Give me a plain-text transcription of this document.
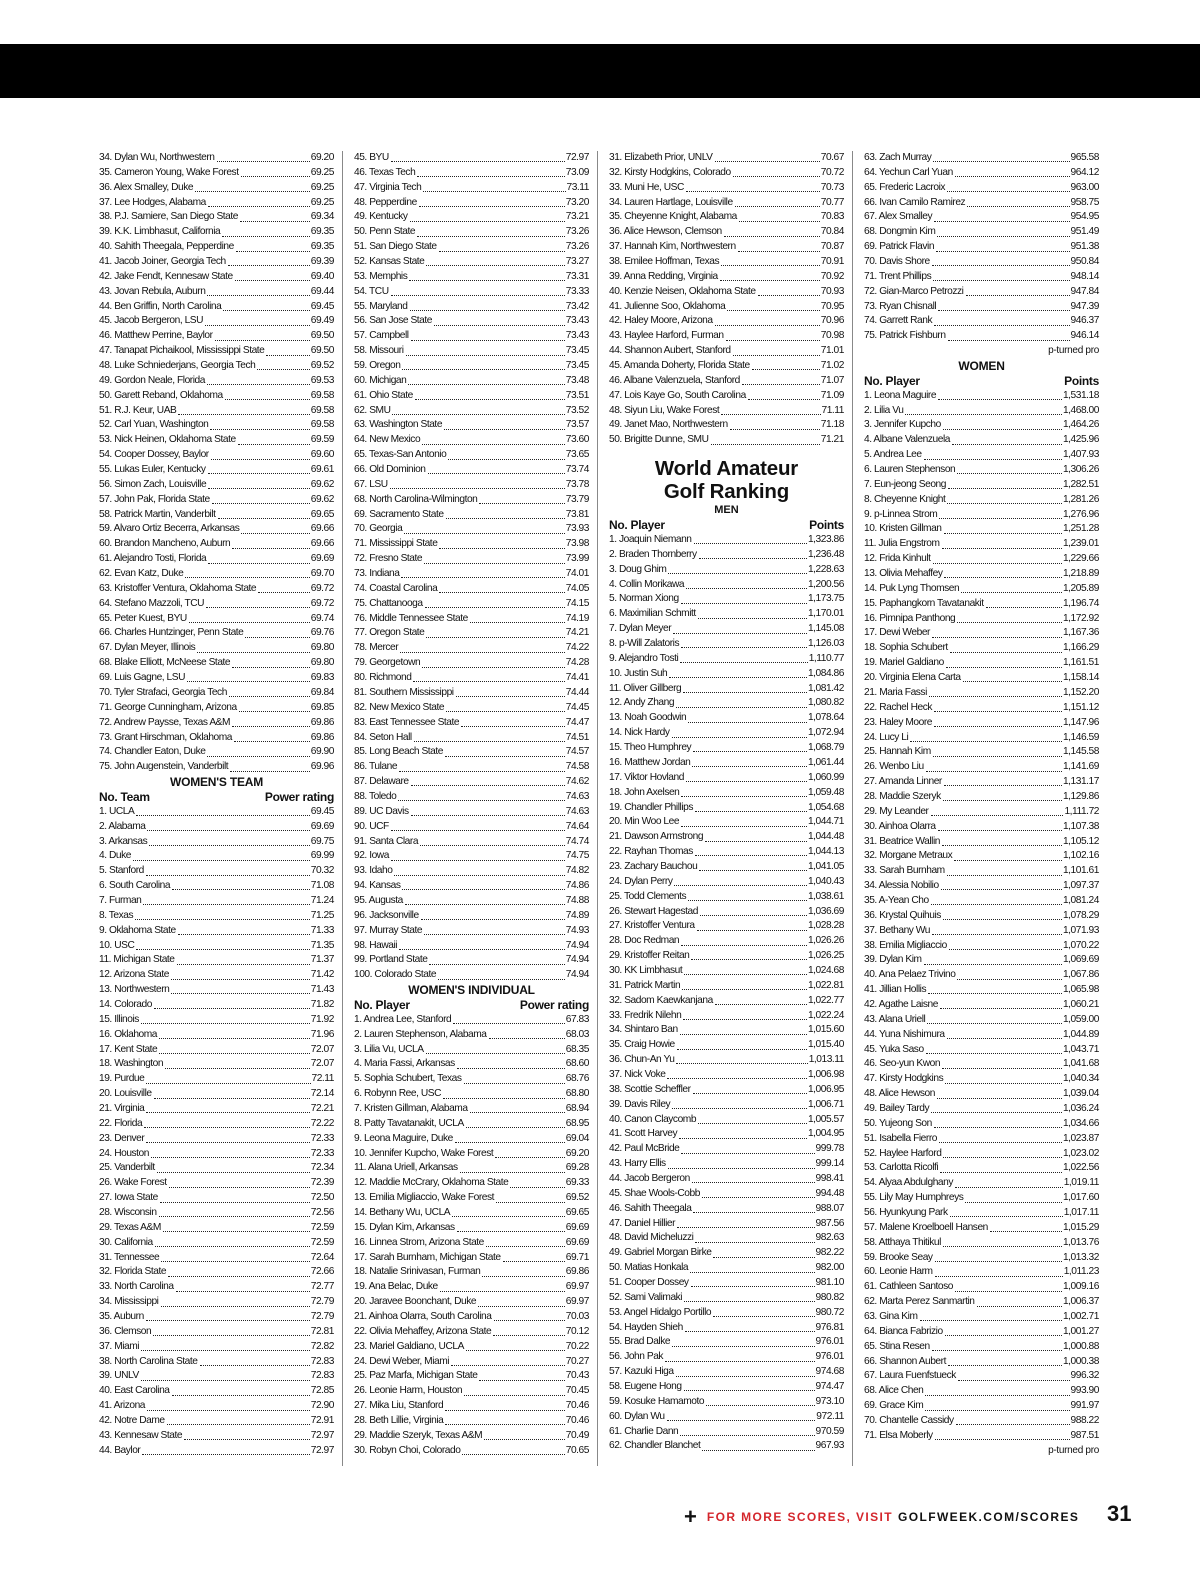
34. Dylan Wu, Northwestern	69.20
35. Cameron Young, Wake Forest	69.25
36. Alex Smalley, Duke	69.25
37. Lee Hodges, Alabama	69.25
38. P.J. Samiere, San Diego State	69.34
39. K.K. Limbhasut, California	69.35
40. Sahith Theegala, Pepperdine	69.35
41. Jacob Joiner, Georgia Tech	69.39
42. Jake Fendt, Kennesaw State	69.40
43. Jovan Rebula, Auburn	69.44
44. Ben Griffin, North Carolina	69.45
45. Jacob Bergeron, LSU	69.49
46. Matthew Perrine, Baylor	69.50
47. Tanapat Pichaikool, Mississippi State	69.50
48. Luke Schniederjans, Georgia Tech	69.52
49. Gordon Neale, Florida	69.53
50. Garett Reband, Oklahoma	69.58
51. R.J. Keur, UAB	69.58
52. Carl Yuan, Washington	69.58
53. Nick Heinen, Oklahoma State	69.59
54. Cooper Dossey, Baylor	69.60
55. Lukas Euler, Kentucky	69.61
56. Simon Zach, Louisville	69.62
57. John Pak, Florida State	69.62
58. Patrick Martin, Vanderbilt	69.65
59. Alvaro Ortiz Becerra, Arkansas	69.66
60. Brandon Mancheno, Auburn	69.66
61. Alejandro Tosti, Florida	69.69
62. Evan Katz, Duke	69.70
63. Kristoffer Ventura, Oklahoma State	69.72
64. Stefano Mazzoli, TCU	69.72
65. Peter Kuest, BYU	69.74
66. Charles Huntzinger, Penn State	69.76
67. Dylan Meyer, Illinois	69.80
68. Blake Elliott, McNeese State	69.80
69. Luis Gagne, LSU	69.83
70. Tyler Strafaci, Georgia Tech	69.84
71. George Cunningham, Arizona	69.85
72. Andrew Paysse, Texas A&M	69.86
73. Grant Hirschman, Oklahoma	69.86
74. Chandler Eaton, Duke	69.90
75. John Augenstein, Vanderbilt	69.96
WOMEN'S TEAM
No. Team	Power rating
1. UCLA	69.45
2. Alabama	69.69
3. Arkansas	69.75
4. Duke	69.99
5. Stanford	70.32
6. South Carolina	71.08
7. Furman	71.24
8. Texas	71.25
9. Oklahoma State	71.33
10. USC	71.35
11. Michigan State	71.37
12. Arizona State	71.42
13. Northwestern	71.43
14. Colorado	71.82
15. Illinois	71.92
16. Oklahoma	71.96
17. Kent State	72.07
18. Washington	72.07
19. Purdue	72.11
20. Louisville	72.14
21. Virginia	72.21
22. Florida	72.22
23. Denver	72.33
24. Houston	72.33
25. Vanderbilt	72.34
26. Wake Forest	72.39
27. Iowa State	72.50
28. Wisconsin	72.56
29. Texas A&M	72.59
30. California	72.59
31. Tennessee	72.64
32. Florida State	72.66
33. North Carolina	72.77
34. Mississippi	72.79
35. Auburn	72.79
36. Clemson	72.81
37. Miami	72.82
38. North Carolina State	72.83
39. UNLV	72.83
40. East Carolina	72.85
41. Arizona	72.90
42. Notre Dame	72.91
43. Kennesaw State	72.97
44. Baylor	72.97
45. BYU	72.97
46. Texas Tech	73.09
47. Virginia Tech	73.11
48. Pepperdine	73.20
49. Kentucky	73.21
50. Penn State	73.26
51. San Diego State	73.26
52. Kansas State	73.27
53. Memphis	73.31
54. TCU	73.33
55. Maryland	73.42
56. San Jose State	73.43
57. Campbell	73.43
58. Missouri	73.45
59. Oregon	73.45
60. Michigan	73.48
61. Ohio State	73.51
62. SMU	73.52
63. Washington State	73.57
64. New Mexico	73.60
65. Texas-San Antonio	73.65
66. Old Dominion	73.74
67. LSU	73.78
68. North Carolina-Wilmington	73.79
69. Sacramento State	73.81
70. Georgia	73.93
71. Mississippi State	73.98
72. Fresno State	73.99
73. Indiana	74.01
74. Coastal Carolina	74.05
75. Chattanooga	74.15
76. Middle Tennessee State	74.19
77. Oregon State	74.21
78. Mercer	74.22
79. Georgetown	74.28
80. Richmond	74.41
81. Southern Mississippi	74.44
82. New Mexico State	74.45
83. East Tennessee State	74.47
84. Seton Hall	74.51
85. Long Beach State	74.57
86. Tulane	74.58
87. Delaware	74.62
88. Toledo	74.63
89. UC Davis	74.63
90. UCF	74.64
91. Santa Clara	74.74
92. Iowa	74.75
93. Idaho	74.82
94. Kansas	74.86
95. Augusta	74.88
96. Jacksonville	74.89
97. Murray State	74.93
98. Hawaii	74.94
99. Portland State	74.94
100. Colorado State	74.94
WOMEN'S INDIVIDUAL
No. Player	Power rating
1. Andrea Lee, Stanford	67.83
2. Lauren Stephenson, Alabama	68.03
3. Lilia Vu, UCLA	68.35
4. Maria Fassi, Arkansas	68.60
5. Sophia Schubert, Texas	68.76
6. Robynn Ree, USC	68.80
7. Kristen Gillman, Alabama	68.94
8. Patty Tavatanakit, UCLA	68.95
9. Leona Maguire, Duke	69.04
10. Jennifer Kupcho, Wake Forest	69.20
11. Alana Uriell, Arkansas	69.28
12. Maddie McCrary, Oklahoma State	69.33
13. Emilia Migliaccio, Wake Forest	69.52
14. Bethany Wu, UCLA	69.65
15. Dylan Kim, Arkansas	69.69
16. Linnea Strom, Arizona State	69.69
17. Sarah Burnham, Michigan State	69.71
18. Natalie Srinivasan, Furman	69.86
19. Ana Belac, Duke	69.97
20. Jaravee Boonchant, Duke	69.97
21. Ainhoa Olarra, South Carolina	70.03
22. Olivia Mehaffey, Arizona State	70.12
23. Mariel Galdiano, UCLA	70.22
24. Dewi Weber, Miami	70.27
25. Paz Marfa, Michigan State	70.43
26. Leonie Harm, Houston	70.45
27. Mika Liu, Stanford	70.46
28. Beth Lillie, Virginia	70.46
29. Maddie Szeryk, Texas A&M	70.49
30. Robyn Choi, Colorado	70.65
31. Elizabeth Prior, UNLV	70.67
32. Kirsty Hodgkins, Colorado	70.72
33. Muni He, USC	70.73
34. Lauren Hartlage, Louisville	70.77
35. Cheyenne Knight, Alabama	70.83
36. Alice Hewson, Clemson	70.84
37. Hannah Kim, Northwestern	70.87
38. Emilee Hoffman, Texas	70.91
39. Anna Redding, Virginia	70.92
40. Kenzie Neisen, Oklahoma State	70.93
41. Julienne Soo, Oklahoma	70.95
42. Haley Moore, Arizona	70.96
43. Haylee Harford, Furman	70.98
44. Shannon Aubert, Stanford	71.01
45. Amanda Doherty, Florida State	71.02
46. Albane Valenzuela, Stanford	71.07
47. Lois Kaye Go, South Carolina	71.09
48. Siyun Liu, Wake Forest	71.11
49. Janet Mao, Northwestern	71.18
50. Brigitte Dunne, SMU	71.21
World Amateur
Golf Ranking
MEN
No. Player	Points
1. Joaquin Niemann	1,323.86
2. Braden Thornberry	1,236.48
3. Doug Ghim	1,228.63
4. Collin Morikawa	1,200.56
5. Norman Xiong	1,173.75
6. Maximilian Schmitt	1,170.01
7. Dylan Meyer	1,145.08
8. p-Will Zalatoris	1,126.03
9. Alejandro Tosti	1,110.77
10. Justin Suh	1,084.86
11. Oliver Gillberg	1,081.42
12. Andy Zhang	1,080.82
13. Noah Goodwin	1,078.64
14. Nick Hardy	1,072.94
15. Theo Humphrey	1,068.79
16. Matthew Jordan	1,061.44
17. Viktor Hovland	1,060.99
18. John Axelsen	1,059.48
19. Chandler Phillips	1,054.68
20. Min Woo Lee	1,044.71
21. Dawson Armstrong	1,044.48
22. Rayhan Thomas	1,044.13
23. Zachary Bauchou	1,041.05
24. Dylan Perry	1,040.43
25. Todd Clements	1,038.61
26. Stewart Hagestad	1,036.69
27. Kristoffer Ventura	1,028.28
28. Doc Redman	1,026.26
29. Kristoffer Reitan	1,026.25
30. KK Limbhasut	1,024.68
31. Patrick Martin	1,022.81
32. Sadom Kaewkanjana	1,022.77
33. Fredrik Nilehn	1,022.24
34. Shintaro Ban	1,015.60
35. Craig Howie	1,015.40
36. Chun-An Yu	1,013.11
37. Nick Voke	1,006.98
38. Scottie Scheffler	1,006.95
39. Davis Riley	1,006.71
40. Canon Claycomb	1,005.57
41. Scott Harvey	1,004.95
42. Paul McBride	999.78
43. Harry Ellis	999.14
44. Jacob Bergeron	998.41
45. Shae Wools-Cobb	994.48
46. Sahith Theegala	988.07
47. Daniel Hillier	987.56
48. David Micheluzzi	982.63
49. Gabriel Morgan Birke	982.22
50. Matias Honkala	982.00
51. Cooper Dossey	981.10
52. Sami Valimaki	980.82
53. Angel Hidalgo Portillo	980.72
54. Hayden Shieh	976.81
55. Brad Dalke	976.01
56. John Pak	976.01
57. Kazuki Higa	974.68
58. Eugene Hong	974.47
59. Kosuke Hamamoto	973.10
60. Dylan Wu	972.11
61. Charlie Dann	970.59
62. Chandler Blanchet	967.93
63. Zach Murray	965.58
64. Yechun Carl Yuan	964.12
65. Frederic Lacroix	963.00
66. Ivan Camilo Ramirez	958.75
67. Alex Smalley	954.95
68. Dongmin Kim	951.49
69. Patrick Flavin	951.38
70. Davis Shore	950.84
71. Trent Phillips	948.14
72. Gian-Marco Petrozzi	947.84
73. Ryan Chisnall	947.39
74. Garrett Rank	946.37
75. Patrick Fishburn	946.14
p-turned pro
WOMEN
No. Player	Points
1. Leona Maguire	1,531.18
2. Lilia Vu	1,468.00
3. Jennifer Kupcho	1,464.26
4. Albane Valenzuela	1,425.96
5. Andrea Lee	1,407.93
6. Lauren Stephenson	1,306.26
7. Eun-jeong Seong	1,282.51
8. Cheyenne Knight	1,281.26
9. p-Linnea Strom	1,276.96
10. Kristen Gillman	1,251.28
11. Julia Engstrom	1,239.01
12. Frida Kinhult	1,229.66
13. Olivia Mehaffey	1,218.89
14. Puk Lyng Thomsen	1,205.89
15. Paphangkorn Tavatanakit	1,196.74
16. Pimnipa Panthong	1,172.92
17. Dewi Weber	1,167.36
18. Sophia Schubert	1,166.29
19. Mariel Galdiano	1,161.51
20. Virginia Elena Carta	1,158.14
21. Maria Fassi	1,152.20
22. Rachel Heck	1,151.12
23. Haley Moore	1,147.96
24. Lucy Li	1,146.59
25. Hannah Kim	1,145.58
26. Wenbo Liu	1,141.69
27. Amanda Linner	1,131.17
28. Maddie Szeryk	1,129.86
29. My Leander	1,111.72
30. Ainhoa Olarra	1,107.38
31. Beatrice Wallin	1,105.12
32. Morgane Metraux	1,102.16
33. Sarah Burnham	1,101.61
34. Alessia Nobilio	1,097.37
35. A-Yean Cho	1,081.24
36. Krystal Quihuis	1,078.29
37. Bethany Wu	1,071.93
38. Emilia Migliaccio	1,070.22
39. Dylan Kim	1,069.69
40. Ana Pelaez Trivino	1,067.86
41. Jillian Hollis	1,065.98
42. Agathe Laisne	1,060.21
43. Alana Uriell	1,059.00
44. Yuna Nishimura	1,044.89
45. Yuka Saso	1,043.71
46. Seo-yun Kwon	1,041.68
47. Kirsty Hodgkins	1,040.34
48. Alice Hewson	1,039.04
49. Bailey Tardy	1,036.24
50. Yujeong Son	1,034.66
51. Isabella Fierro	1,023.87
52. Haylee Harford	1,023.02
53. Carlotta Ricolfi	1,022.56
54. Alyaa Abdulghany	1,019.11
55. Lily May Humphreys	1,017.60
56. Hyunkyung Park	1,017.11
57. Malene Kroelboell Hansen	1,015.29
58. Atthaya Thitikul	1,013.76
59. Brooke Seay	1,013.32
60. Leonie Harm	1,011.23
61. Cathleen Santoso	1,009.16
62. Marta Perez Sanmartin	1,006.37
63. Gina Kim	1,002.71
64. Bianca Fabrizio	1,001.27
65. Stina Resen	1,000.88
66. Shannon Aubert	1,000.38
67. Laura Fuenfstueck	996.32
68. Alice Chen	993.90
69. Grace Kim	991.97
70. Chantelle Cassidy	988.22
71. Elsa Moberly	987.51
p-turned pro
+ FOR MORE SCORES, VISIT GOLFWEEK.COM/SCORES 31
